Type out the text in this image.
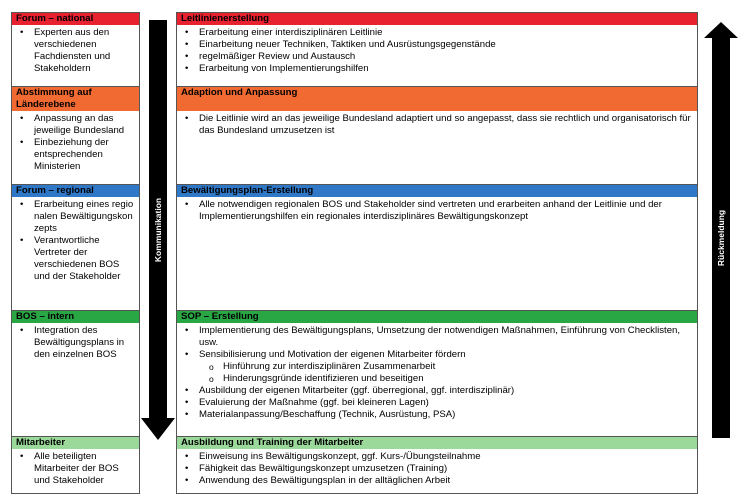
Forum – national
• Experten aus den verschiedenen Fachdiensten und Stakeholdern
Abstimmung auf Länderebene
• Anpassung an das jeweilige Bundesland
• Einbeziehung der entsprechenden Ministerien
Forum – regional
• Erarbeitung eines regionalen Bewältigungskonzepts
• Verantwortliche Vertreter der verschiedenen BOS und der Stakeholder
BOS – intern
• Integration des Bewältigungsplans in den einzelnen BOS
Mitarbeiter
• Alle beteiligten Mitarbeiter der BOS und Stakeholder
Kommunikation
Leitlinienerstellung
• Erarbeitung einer interdisziplinären Leitlinie
• Einarbeitung neuer Techniken, Taktiken und Ausrüstungsgegenstände
• regelmäßiger Review und Austausch
• Erarbeitung von Implementierungshilfen
Adaption und Anpassung
• Die Leitlinie wird an das jeweilige Bundesland adaptiert und so angepasst, dass sie rechtlich und organisatorisch für das Bundesland umzusetzen ist
Bewältigungsplan-Erstellung
• Alle notwendigen regionalen BOS und Stakeholder sind vertreten und erarbeiten anhand der Leitlinie und der Implementierungshilfen ein regionales interdisziplinäres Bewältigungskonzept
SOP – Erstellung
• Implementierung des Bewältigungsplans, Umsetzung der notwendigen Maßnahmen, Einführung von Checklisten, usw.
• Sensibilisierung und Motivation der eigenen Mitarbeiter fördern
o Hinführung zur interdisziplinären Zusammenarbeit
o Hinderungsgründe identifizieren und beseitigen
• Ausbildung der eigenen Mitarbeiter (ggf. überregional, ggf. interdisziplinär)
• Evaluierung der Maßnahme (ggf. bei kleineren Lagen)
• Materialanpassung/Beschaffung (Technik, Ausrüstung, PSA)
Ausbildung und Training der Mitarbeiter
• Einweisung ins Bewältigungskonzept, ggf. Kurs-/Übungsteilnahme
• Fähigkeit das Bewältigungskonzept umzusetzen (Training)
• Anwendung des Bewältigungsplan in der alltäglichen Arbeit
Rückmeldung
